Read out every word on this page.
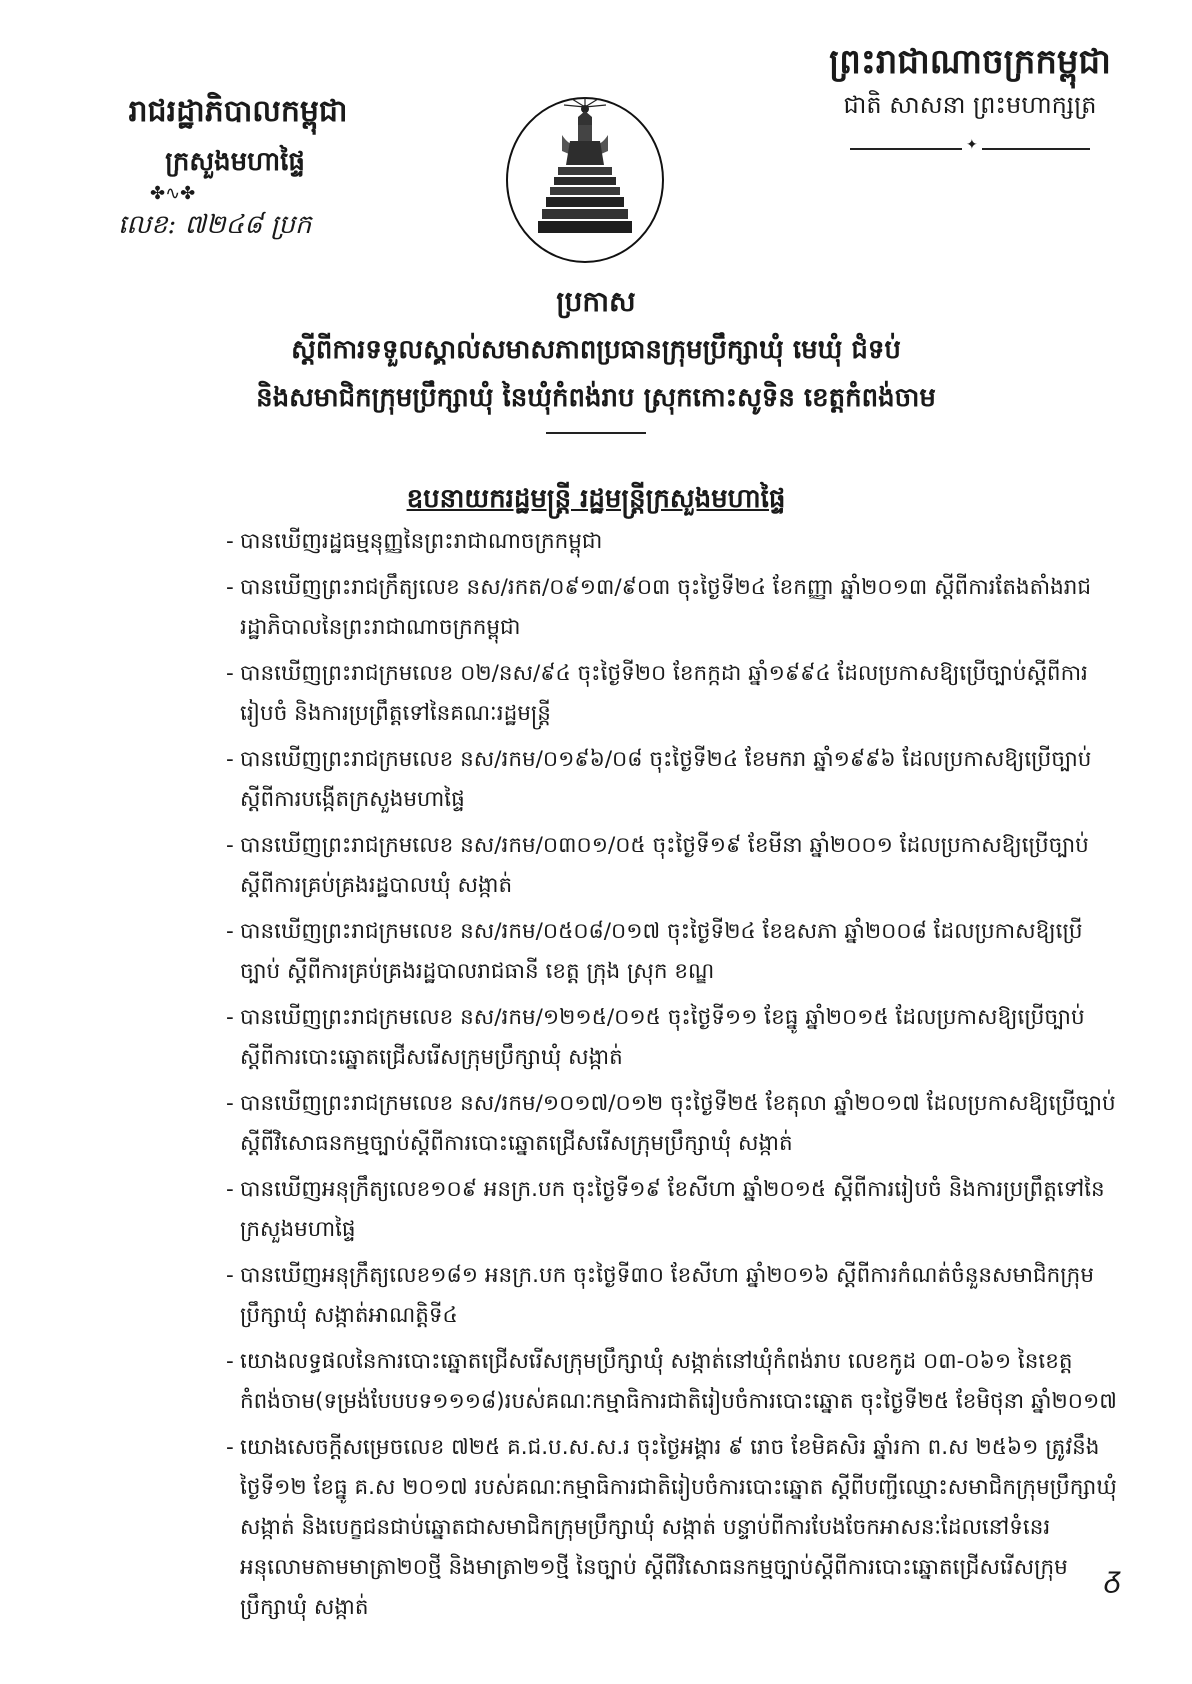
ព្រះរាជាណាចក្រកម្ពុជា
ជាតិ សាសនា ព្រះមហាក្សត្រ
✦
រាជរដ្ឋាភិបាលកម្ពុជា
ក្រសួងមហាផ្ទៃ
✤∿✤
លេខ: ៧២៤៨ ប្រក
ប្រកាស
ស្ដីពីការទទួលស្គាល់សមាសភាពប្រធានក្រុមប្រឹក្សាឃុំ មេឃុំ ជំទប់
និងសមាជិកក្រុមប្រឹក្សាឃុំ នៃឃុំកំពង់រាប ស្រុកកោះសូទិន ខេត្តកំពង់ចាម
ឧបនាយករដ្ឋមន្ត្រី រដ្ឋមន្ត្រីក្រសួងមហាផ្ទៃ
- បានឃើញរដ្ឋធម្មនុញ្ញនៃព្រះរាជាណាចក្រកម្ពុជា
- បានឃើញព្រះរាជក្រឹត្យលេខ នស/រកត/០៩១៣/៩០៣ ចុះថ្ងៃទី២៤ ខែកញ្ញា ឆ្នាំ២០១៣ ស្ដីពីការតែងតាំងរាជរដ្ឋាភិបាលនៃព្រះរាជាណាចក្រកម្ពុជា
- បានឃើញព្រះរាជក្រមលេខ ០២/នស/៩៤ ចុះថ្ងៃទី២០ ខែកក្កដា ឆ្នាំ១៩៩៤ ដែលប្រកាសឱ្យប្រើច្បាប់ស្ដីពីការរៀបចំ និងការប្រព្រឹត្តទៅនៃគណៈរដ្ឋមន្ត្រី
- បានឃើញព្រះរាជក្រមលេខ នស/រកម/០១៩៦/០៨ ចុះថ្ងៃទី២៤ ខែមករា ឆ្នាំ១៩៩៦ ដែលប្រកាសឱ្យប្រើច្បាប់ ស្ដីពីការបង្កើតក្រសួងមហាផ្ទៃ
- បានឃើញព្រះរាជក្រមលេខ នស/រកម/០៣០១/០៥ ចុះថ្ងៃទី១៩ ខែមីនា ឆ្នាំ២០០១ ដែលប្រកាសឱ្យប្រើច្បាប់ ស្ដីពីការគ្រប់គ្រងរដ្ឋបាលឃុំ សង្កាត់
- បានឃើញព្រះរាជក្រមលេខ នស/រកម/០៥០៨/០១៧ ចុះថ្ងៃទី២៤ ខែឧសភា ឆ្នាំ២០០៨ ដែលប្រកាសឱ្យប្រើច្បាប់ ស្ដីពីការគ្រប់គ្រងរដ្ឋបាលរាជធានី ខេត្ត ក្រុង ស្រុក ខណ្ឌ
- បានឃើញព្រះរាជក្រមលេខ នស/រកម/១២១៥/០១៥ ចុះថ្ងៃទី១១ ខែធ្នូ ឆ្នាំ២០១៥ ដែលប្រកាសឱ្យប្រើច្បាប់ ស្ដីពីការបោះឆ្នោតជ្រើសរើសក្រុមប្រឹក្សាឃុំ សង្កាត់
- បានឃើញព្រះរាជក្រមលេខ នស/រកម/១០១៧/០១២ ចុះថ្ងៃទី២៥ ខែតុលា ឆ្នាំ២០១៧ ដែលប្រកាសឱ្យប្រើច្បាប់ ស្ដីពីវិសោធនកម្មច្បាប់ស្ដីពីការបោះឆ្នោតជ្រើសរើសក្រុមប្រឹក្សាឃុំ សង្កាត់
- បានឃើញអនុក្រឹត្យលេខ១០៩ អនក្រ.បក ចុះថ្ងៃទី១៩ ខែសីហា ឆ្នាំ២០១៥ ស្ដីពីការរៀបចំ និងការប្រព្រឹត្តទៅនៃក្រសួងមហាផ្ទៃ
- បានឃើញអនុក្រឹត្យលេខ១៨១ អនក្រ.បក ចុះថ្ងៃទី៣០ ខែសីហា ឆ្នាំ២០១៦ ស្ដីពីការកំណត់ចំនួនសមាជិកក្រុមប្រឹក្សាឃុំ សង្កាត់អាណត្តិទី៤
- យោងលទ្ធផលនៃការបោះឆ្នោតជ្រើសរើសក្រុមប្រឹក្សាឃុំ សង្កាត់នៅឃុំកំពង់រាប លេខកូដ ០៣-០៦១ នៃខេត្តកំពង់ចាម(ទម្រង់បែបបទ១១១៨)របស់គណៈកម្មាធិការជាតិរៀបចំការបោះឆ្នោត ចុះថ្ងៃទី២៥ ខែមិថុនា ឆ្នាំ២០១៧
- យោងសេចក្ដីសម្រេចលេខ ៧២៥ គ.ជ.ប.ស.ស.រ ចុះថ្ងៃអង្គារ ៩ រោច ខែមិគសិរ ឆ្នាំរកា ព.ស ២៥៦១ ត្រូវនឹងថ្ងៃទី១២ ខែធ្នូ គ.ស ២០១៧ របស់គណៈកម្មាធិការជាតិរៀបចំការបោះឆ្នោត ស្ដីពីបញ្ជីឈ្មោះសមាជិកក្រុមប្រឹក្សាឃុំ សង្កាត់ និងបេក្ខជនជាប់ឆ្នោតជាសមាជិកក្រុមប្រឹក្សាឃុំ សង្កាត់ បន្ទាប់ពីការបែងចែកអាសនៈដែលនៅទំនេរអនុលោមតាមមាត្រា២០ថ្មី និងមាត្រា២១ថ្មី នៃច្បាប់ ស្ដីពីវិសោធនកម្មច្បាប់ស្ដីពីការបោះឆ្នោតជ្រើសរើសក្រុមប្រឹក្សាឃុំ សង្កាត់
ᵹ
